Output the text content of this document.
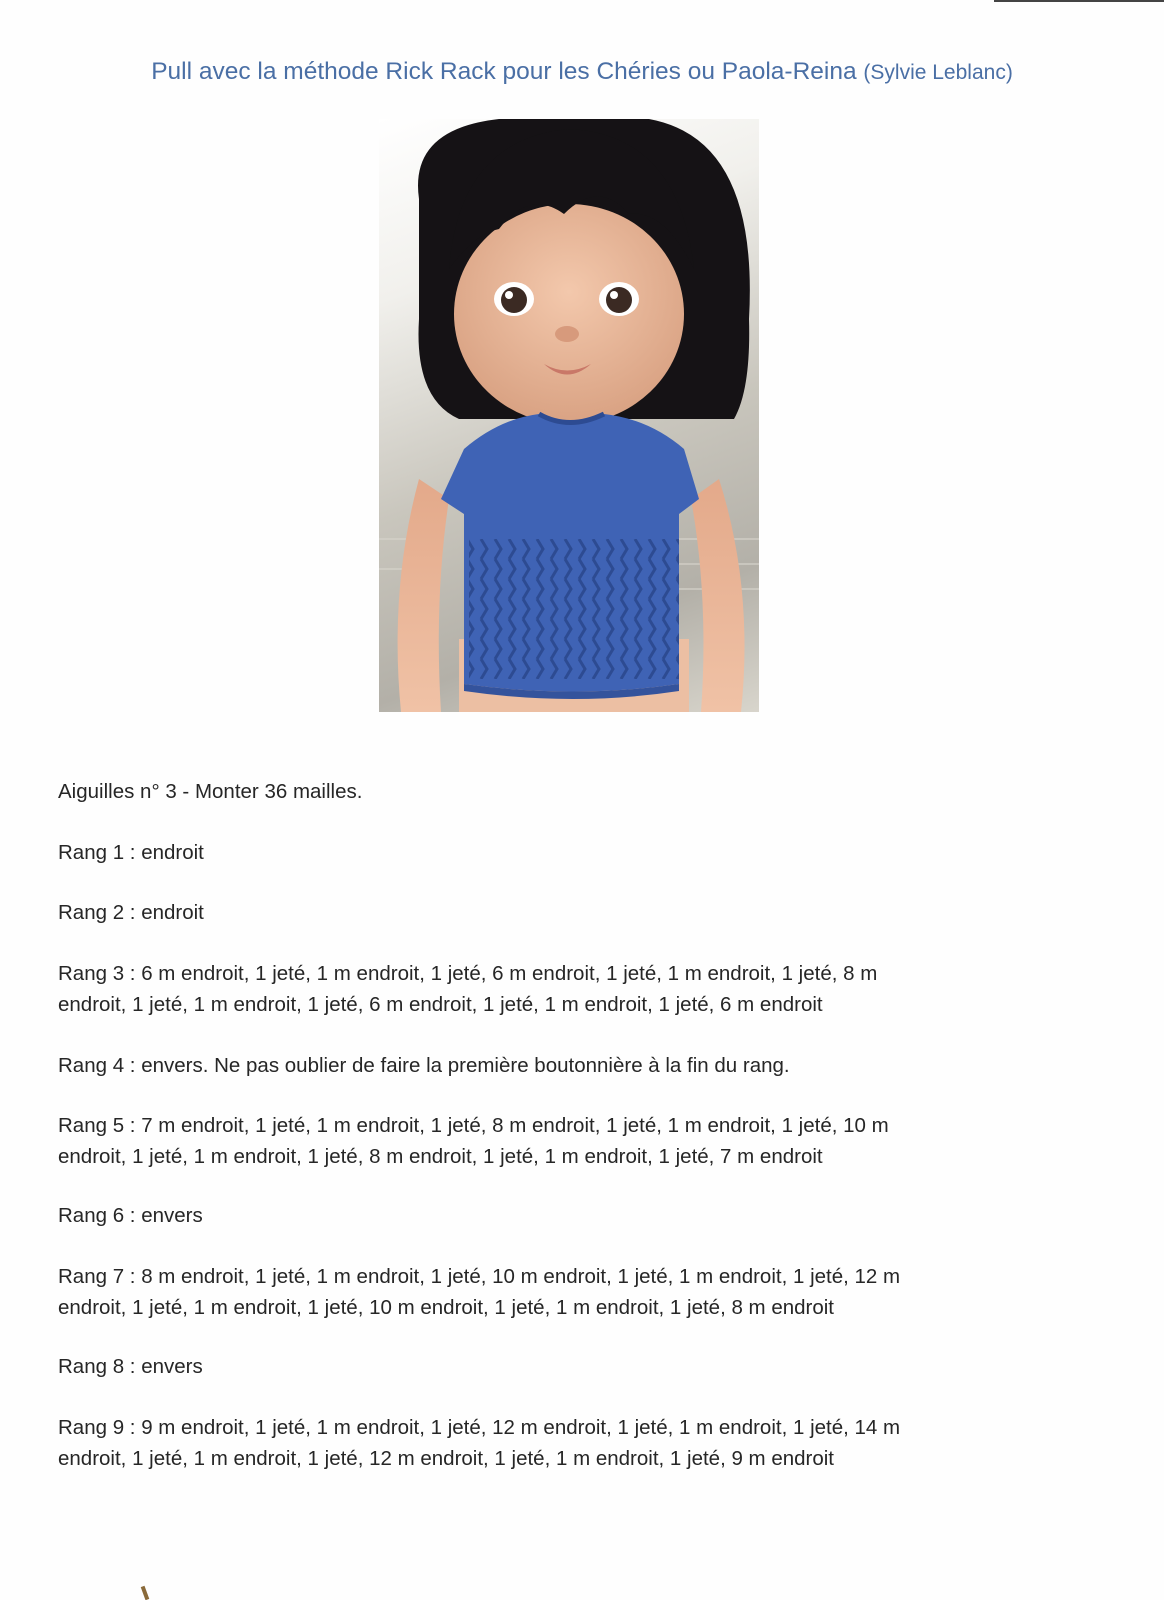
Pull avec la méthode Rick Rack pour les Chéries ou Paola-Reina (Sylvie Leblanc)

Aiguilles n° 3 - Monter 36 mailles.

Rang 1 : endroit

Rang 2 : endroit

Rang 3 : 6 m endroit, 1 jeté, 1 m endroit, 1 jeté, 6 m endroit, 1 jeté, 1 m endroit, 1 jeté, 8 m

endroit, 1 jeté, 1 m endroit, 1 jeté, 6 m endroit, 1 jeté, 1 m endroit, 1 jeté, 6 m endroit

Rang 4 : envers. Ne pas oublier de faire la première boutonnière à la fin du rang.

Rang 5 : 7 m endroit, 1 jeté, 1 m endroit, 1 jeté, 8 m endroit, 1 jeté, 1 m endroit, 1 jeté, 10 m

endroit, 1 jeté, 1 m endroit, 1 jeté, 8 m endroit, 1 jeté, 1 m endroit, 1 jeté, 7 m endroit

Rang 6 : envers

Rang 7 : 8 m endroit, 1 jeté, 1 m endroit, 1 jeté, 10 m endroit, 1 jeté, 1 m endroit, 1 jeté, 12 m

endroit, 1 jeté, 1 m endroit, 1 jeté, 10 m endroit, 1 jeté, 1 m endroit, 1 jeté, 8 m endroit

Rang 8 : envers

Rang 9 : 9 m endroit, 1 jeté, 1 m endroit, 1 jeté, 12 m endroit, 1 jeté, 1 m endroit, 1 jeté, 14 m

endroit, 1 jeté, 1 m endroit, 1 jeté, 12 m endroit, 1 jeté, 1 m endroit, 1 jeté, 9 m endroit
